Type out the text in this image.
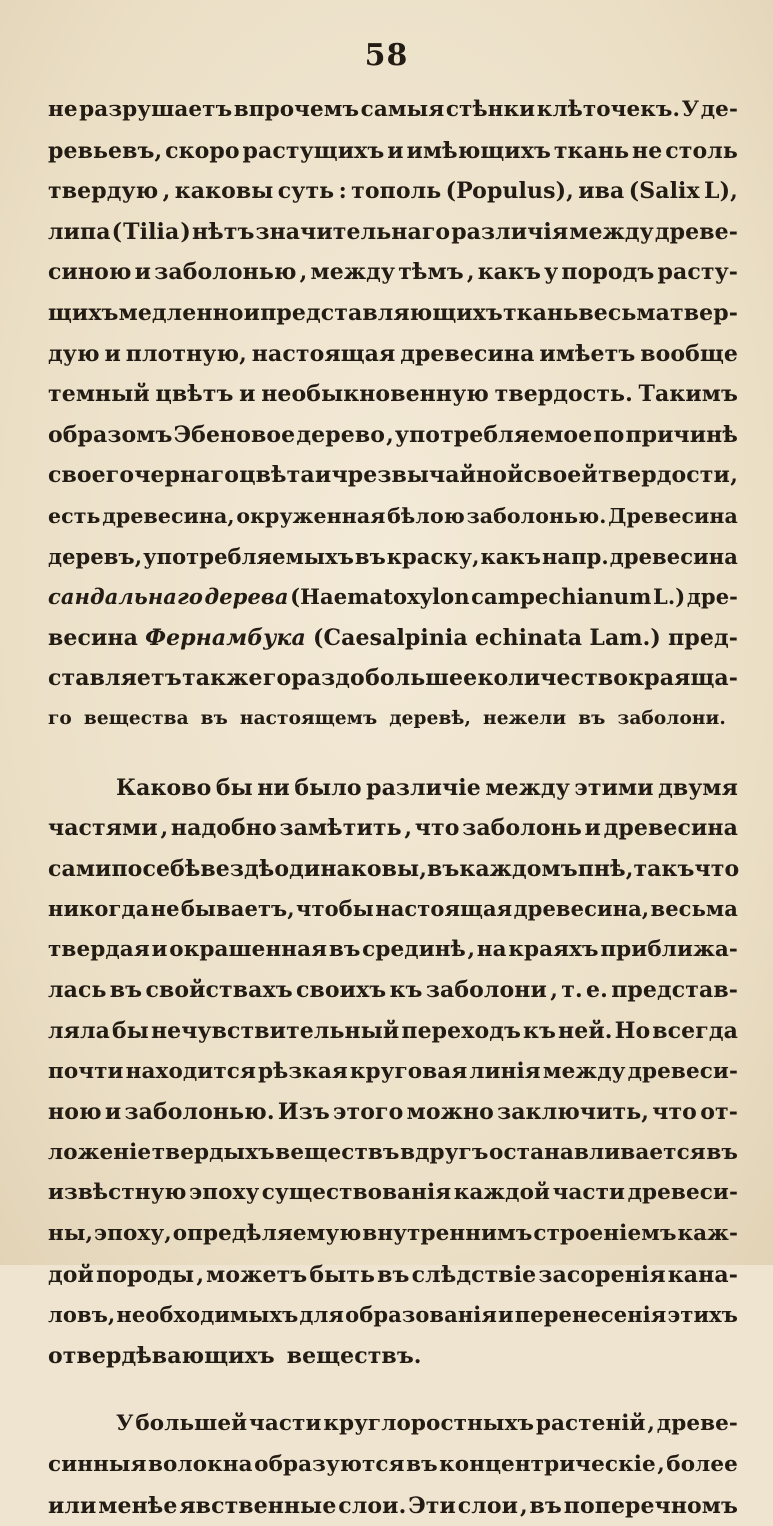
58
не разрушаетъ впрочемъ самыя стѣнки клѣточекъ. У де-
ревьевъ, скоро растущихъ и имѣющихъ ткань не столь
твердую , каковы суть : тополь (Populus), ива (Salix L),
липа ( Tilia ) нѣтъ значительнаго различія между древе-
синою и заболонью , между тѣмъ , какъ у породъ расту-
щихъ медленно и представляющихъ ткань весьма твер-
дую и плотную, настоящая древесина имѣетъ вообще
темный цвѣтъ и необыкновенную твердость. Такимъ
образомъ Эбеновое дерево , употребляемое по причинѣ
своего чернаго цвѣта и чрезвычайной своей твердости ,
есть древесина, окруженная бѣлою заболонью. Древесина
деревъ, употребляемыхъ въ краску, какъ напр. древесина
сандальнаго дерева (Haematoxylon campechianum L.) дре-
весина Фернамбука (Caesalpinia echinata Lam.) пред-
ставляетъ также гораздо большее количество краяща-
го вещества въ настоящемъ деревѣ, нежели въ заболони.
Каково бы ни было различіе между этими двумя
частями , надобно замѣтить , что заболонь и древесина
сами по себѣ вездѣ одинаковы, въ каждомъ пнѣ, такъ что
никогда не бываетъ, чтобы настоящая древесина, весьма
твердая и окрашенная въ срединѣ , на краяхъ приближа-
лась въ свойствахъ своихъ къ заболони , т. е. представ-
ляла бы нечувствительный переходъ къ ней. Но всегда
почти находится рѣзкая круговая линія между древеси-
ною и заболонью. Изъ этого можно заключить, что от-
ложеніе твердыхъ веществъ вдругъ останавливается въ
извѣстную эпоху существованія каждой части древеси-
ны, эпоху, опредѣляемую внутреннимъ строеніемъ каж-
дой породы , можетъ быть въ слѣдствіе засоренія кана-
ловъ, необходимыхъ для образованія и перенесенія этихъ
отвердѣвающихъ веществъ.
У большей части круглоростныхъ растеній , древе-
синныя волокна образуются въ концентрическіе , более
или менѣе явственные слои. Эти слои , въ поперечномъ
